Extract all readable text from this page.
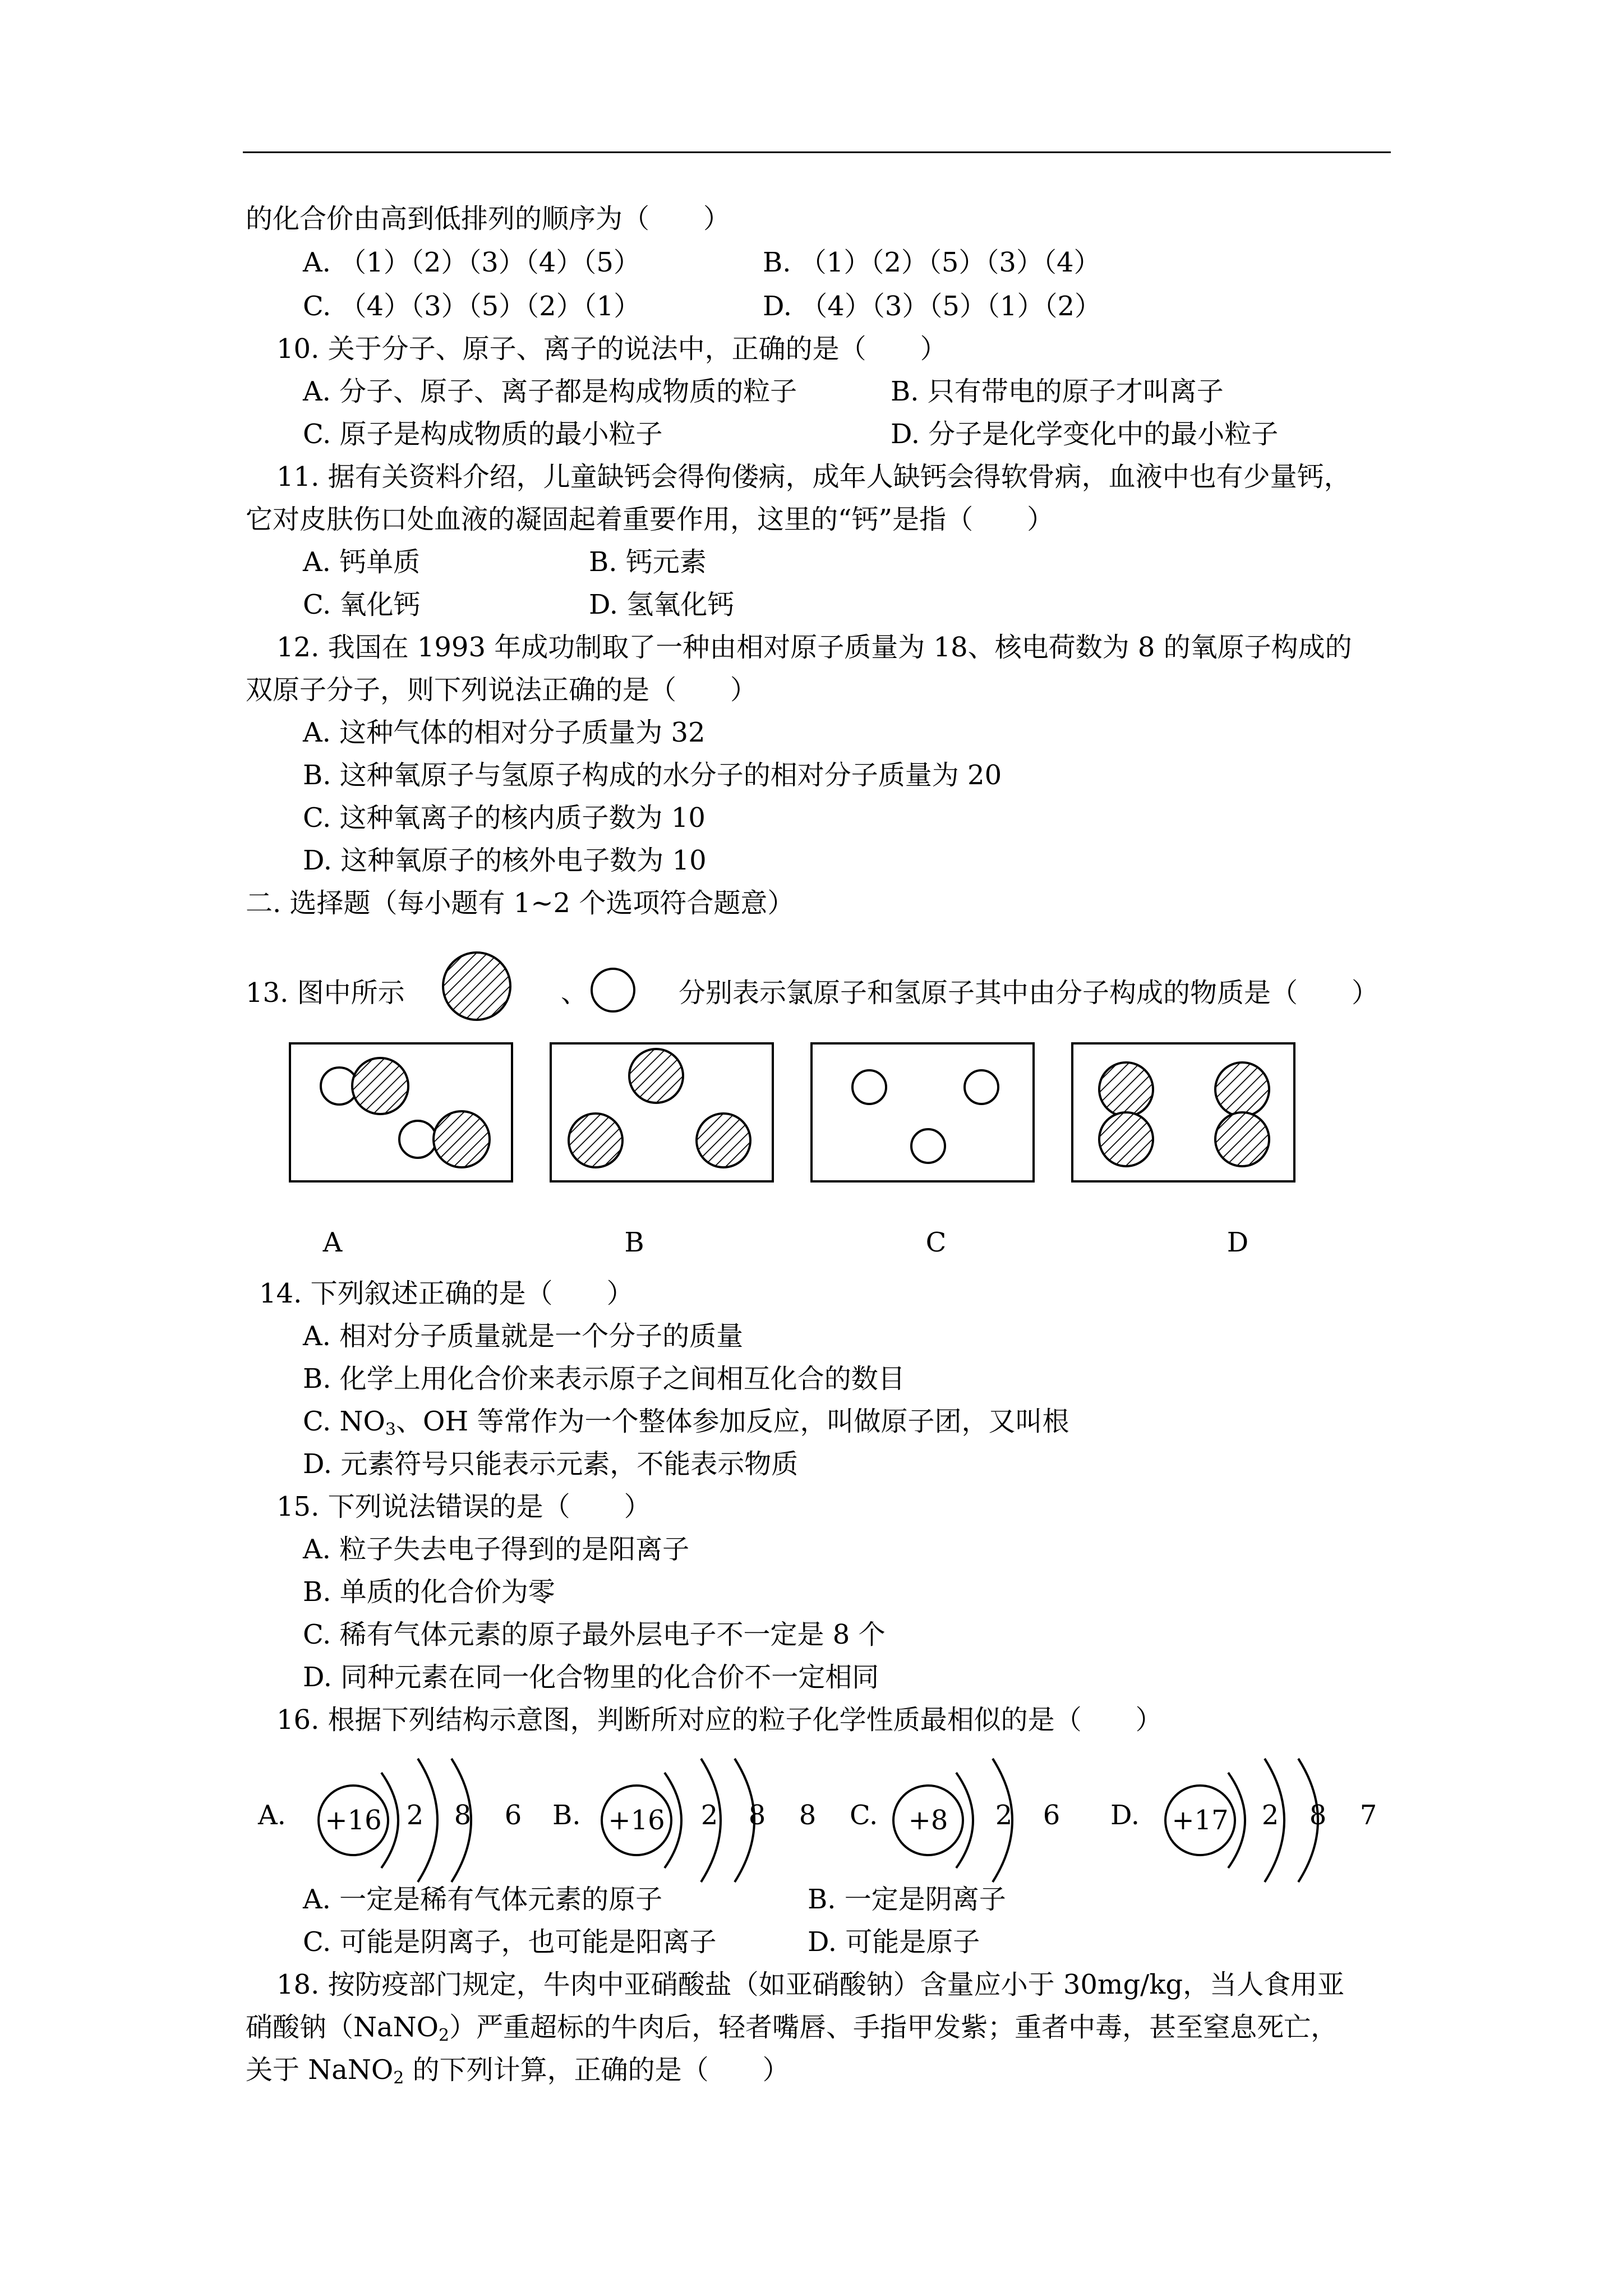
的化合价由高到低排列的顺序为（　　）
A. （1）（2）（3）（4）（5）	B. （1）（2）（5）（3）（4）
C. （4）（3）（5）（2）（1）	D. （4）（3）（5）（1）（2）
10. 关于分子、原子、离子的说法中，正确的是（　　）
A. 分子、原子、离子都是构成物质的粒子	B. 只有带电的原子才叫离子
C. 原子是构成物质的最小粒子	D. 分子是化学变化中的最小粒子
11. 据有关资料介绍，儿童缺钙会得佝偻病，成年人缺钙会得软骨病，血液中也有少量钙，
它对皮肤伤口处血液的凝固起着重要作用，这里的“钙”是指（　　）
A. 钙单质	B. 钙元素
C. 氧化钙	D. 氢氧化钙
12. 我国在 1993 年成功制取了一种由相对原子质量为 18、核电荷数为 8 的氧原子构成的
双原子分子，则下列说法正确的是（　　）
A. 这种气体的相对分子质量为 32
B. 这种氧原子与氢原子构成的水分子的相对分子质量为 20
C. 这种氧离子的核内质子数为 10
D. 这种氧原子的核外电子数为 10
二. 选择题（每小题有 1~2 个选项符合题意）
13. 图中所示	、	分别表示氯原子和氢原子其中由分子构成的物质是（　　）
A	B	C	D
14. 下列叙述正确的是（　　）
A. 相对分子质量就是一个分子的质量
B. 化学上用化合价来表示原子之间相互化合的数目
C. $NO_3$、OH 等常作为一个整体参加反应，叫做原子团，又叫根
D. 元素符号只能表示元素，不能表示物质
15. 下列说法错误的是（　　）
A. 粒子失去电子得到的是阳离子
B. 单质的化合价为零
C. 稀有气体元素的原子最外层电子不一定是 8 个
D. 同种元素在同一化合物里的化合价不一定相同
16. 根据下列结构示意图，判断所对应的粒子化学性质最相似的是（　　）
A. +16 2 8 6 B. +16 2 8 8 C. +8 2 6 D. +17 2 8 7
A. 一定是稀有气体元素的原子	B. 一定是阴离子
C. 可能是阴离子，也可能是阳离子	D. 可能是原子
18. 按防疫部门规定，牛肉中亚硝酸盐（如亚硝酸钠）含量应小于 30mg/kg，当人食用亚
硝酸钠（NaNO$_2$）严重超标的牛肉后，轻者嘴唇、手指甲发紫；重者中毒，甚至窒息死亡，
关于 NaNO$_2$ 的下列计算，正确的是（　　）
